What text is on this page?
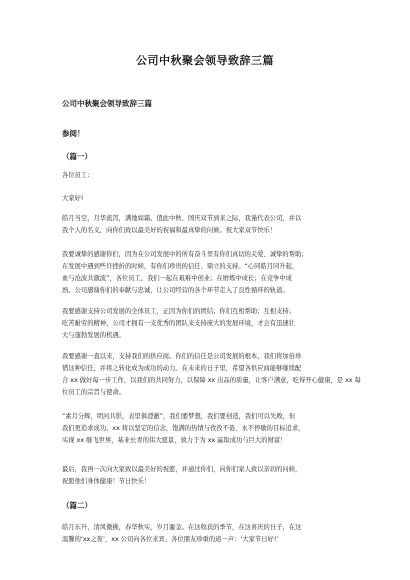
公司中秋聚会领导致辞三篇
公司中秋聚会领导致辞三篇
参阅！
（篇一）

各位员工:

大家好!

皓月当空，月华流泻，满地如霜。值此中秋、国庆双节到来之际，我谨代表公司，并以
我个人的名义，向你们致以最美好的祝福和最真挚的问候。祝大家双节快乐！

我要诚挚的感谢你们，因为在公司发展中的所有奋斗里有你们真切的关爱、诚挚的帮助；
在发展中遇到些许挫折的时候，有你们珍贵的信任、鼎立的支持。“心同皓月同升起，
血与沧波共激流”，各位员工，我们一起在艰难中创业；在磨炼中成长；在竞争中成
熟。公司感谢你们的奉献与忠诚，让公司经营的各个环节走入了良性循环的轨道。

我要感谢支持公司发展的全体员工，正因为你们的团结；你们互相帮助；互相支持；
吃苦耐劳的精神，公司才拥有一支优秀的团队来支持庞大的发展环境，才会有迅速壮
大与蓬勃发展的机遇。

我要感谢一直以来，支持我们的供应商。你们的信任是公司发展的根本，我们将加倍珍
惜这种信任，并将之转化成为成功的动力。在未来的日子里，希望各供应商能够继续配
合 xx 做好每一步工作，以我们的共同努力，以保障 xx 出品的质量，让客户满意，吃得开心健康，是 xx 每
位员工的宗旨与使命。

“素月分辉，明河共影，表里俱澄澈”，我们要梦想，我们要创造，我们可以失败，但
我们更追求成功。xx 将以坚定的信念，饱满的热情与孜孜不倦、永不停歇的目标追求，
实现 xx 继飞世界，基业长青的伟大愿景，致力于为 xx 赢取成功与巨大的财富！

最后，我再一次向大家致以最美好的祝愿，并通过你们，向你们家人致以亲切的问候，
祝愿他们身体健康！节日快乐！

（篇二）

皓月东升，清风微拂，春华秋实，岁月鎏金。在这收获的季节，在这喜庆的日子，在这
温馨的‘xx之夜’，xx 公司向各位来宾、各位朋友珍重的道一声：‘大家节日好!’
